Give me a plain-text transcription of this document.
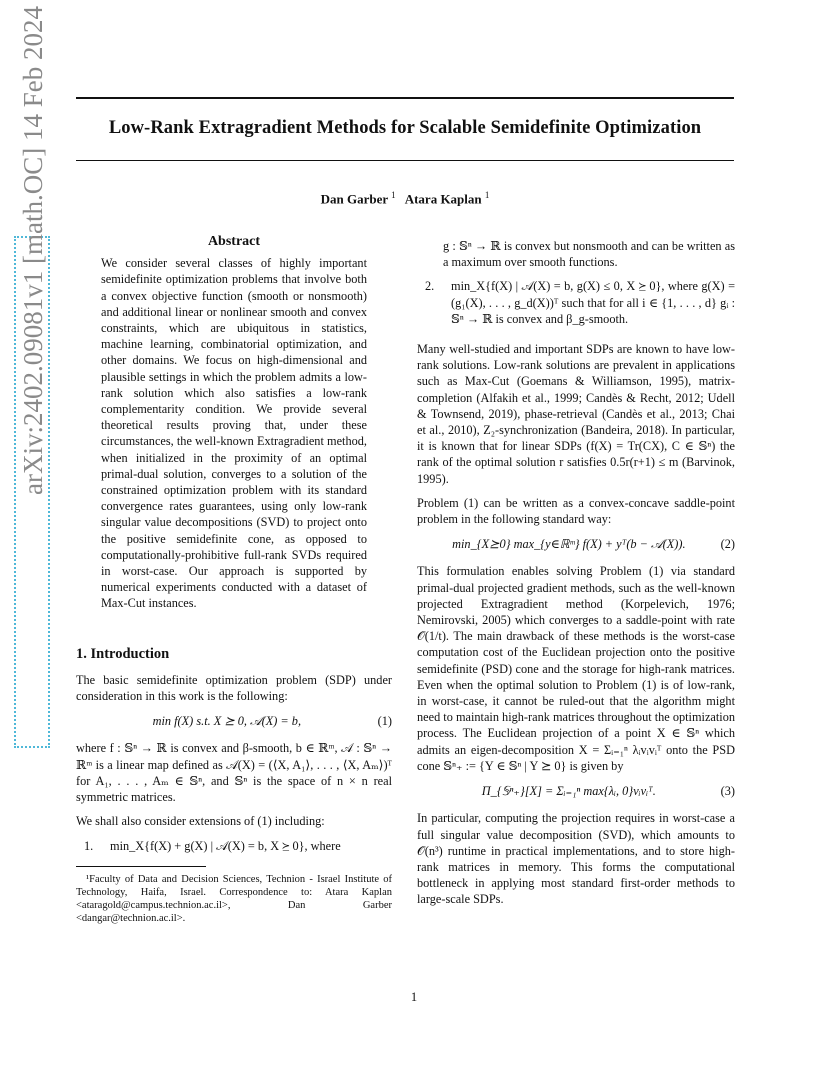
Low-Rank Extragradient Methods for Scalable Semidefinite Optimization
Dan Garber $^1$ Atara Kaplan $^1$
arXiv:2402.09081v1 [math.OC] 14 Feb 2024	Abstract
We consider several classes of highly important semidefinite optimization problems that involve both a convex objective function (smooth or nonsmooth) and additional linear or nonlinear smooth and convex constraints, which are ubiquitous in statistics, machine learning, combinatorial optimization, and other domains. We focus on high-dimensional and plausible settings in which the problem admits a low-rank solution which also satisfies a low-rank complementarity condition. We provide several theoretical results proving that, under these circumstances, the well-known Extragradient method, when initialized in the proximity of an optimal primal-dual solution, converges to a solution of the constrained optimization problem with its standard convergence rates guarantees, using only low-rank singular value decompositions (SVD) to project onto the positive semidefinite cone, as opposed to computationally-prohibitive full-rank SVDs required in worst-case. Our approach is supported by numerical experiments conducted with a dataset of Max-Cut instances.
1. Introduction

The basic semidefinite optimization problem (SDP) under consideration in this work is the following:

min f(X) s.t. X ⪰ 0, 𝒜(X) = b,	(1)

where f : 𝕊ⁿ → ℝ is convex and β-smooth, b ∈ ℝᵐ, 𝒜 : 𝕊ⁿ → ℝᵐ is a linear map defined as 𝒜(X) = (⟨X, A₁⟩, . . . , ⟨X, Aₘ⟩)ᵀ for A₁, . . . , Aₘ ∈ 𝕊ⁿ, and 𝕊ⁿ is the space of n × n real symmetric matrices.

We shall also consider extensions of (1) including:

1.	min_X{f(X) + g(X) | 𝒜(X) = b, X ⪰ 0}, where
¹Faculty of Data and Decision Sciences, Technion - Israel Institute of Technology, Haifa, Israel. Correspondence to: Atara Kaplan <ataragold@campus.technion.ac.il>, Dan Garber <dangar@technion.ac.il>.
g : 𝕊ⁿ → ℝ is convex but nonsmooth and can be written as a maximum over smooth functions.
2.	min_X{f(X) | 𝒜(X) = b, g(X) ≤ 0, X ⪰ 0}, where g(X) = (g₁(X), . . . , g_d(X))ᵀ such that for all i ∈ {1, . . . , d} gᵢ : 𝕊ⁿ → ℝ is convex and β_g-smooth.

Many well-studied and important SDPs are known to have low-rank solutions. Low-rank solutions are prevalent in applications such as Max-Cut (Goemans & Williamson, 1995), matrix-completion (Alfakih et al., 1999; Candès & Recht, 2012; Udell & Townsend, 2019), phase-retrieval (Candès et al., 2013; Chai et al., 2010), Z₂-synchronization (Bandeira, 2018). In particular, it is known that for linear SDPs (f(X) = Tr(CX), C ∈ 𝕊ⁿ) the rank of the optimal solution r satisfies 0.5r(r+1) ≤ m (Barvinok, 1995).

Problem (1) can be written as a convex-concave saddle-point problem in the following standard way:

min_{X⪰0} max_{y∈ℝᵐ} f(X) + yᵀ(b − 𝒜(X)).	(2)

This formulation enables solving Problem (1) via standard primal-dual projected gradient methods, such as the well-known projected Extragradient method (Korpelevich, 1976; Nemirovski, 2005) which converges to a saddle-point with rate 𝒪(1/t). The main drawback of these methods is the worst-case computation cost of the Euclidean projection onto the positive semidefinite (PSD) cone and the storage for high-rank matrices. Even when the optimal solution to Problem (1) is of low-rank, in worst-case, it cannot be ruled-out that the algorithm might need to maintain high-rank matrices throughout the optimization process. The Euclidean projection of a point X ∈ 𝕊ⁿ which admits an eigen-decomposition X = Σᵢ₌₁ⁿ λᵢvᵢvᵢᵀ onto the PSD cone 𝕊ⁿ₊ := {Y ∈ 𝕊ⁿ | Y ⪰ 0} is given by

Π_{𝕊ⁿ₊}[X] = Σᵢ₌₁ⁿ max{λᵢ, 0}vᵢvᵢᵀ.	(3)

In particular, computing the projection requires in worst-case a full singular value decomposition (SVD), which amounts to 𝒪(n³) runtime in practical implementations, and to store high-rank matrices in memory. This forms the computational bottleneck in applying most standard first-order methods to large-scale SDPs.

1
